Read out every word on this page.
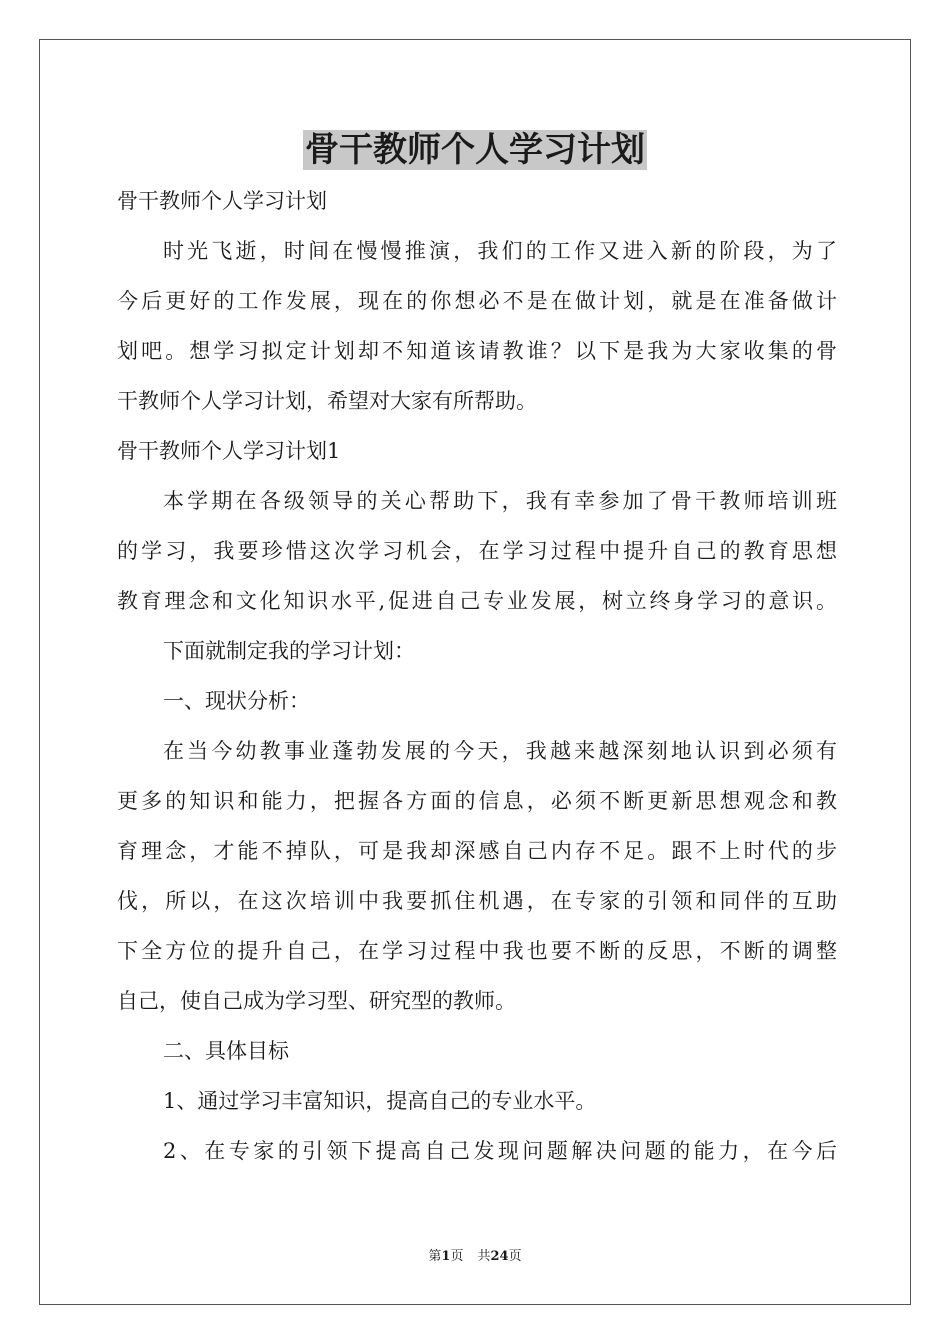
骨干教师个人学习计划

骨干教师个人学习计划

时光飞逝，时间在慢慢推演，我们的工作又进入新的阶段，为了

今后更好的工作发展，现在的你想必不是在做计划，就是在准备做计

划吧。想学习拟定计划却不知道该请教谁？以下是我为大家收集的骨

干教师个人学习计划，希望对大家有所帮助。

骨干教师个人学习计划1

本学期在各级领导的关心帮助下，我有幸参加了骨干教师培训班

的学习，我要珍惜这次学习机会，在学习过程中提升自己的教育思想

教育理念和文化知识水平,促进自己专业发展，树立终身学习的意识。

下面就制定我的学习计划：

一、现状分析：

在当今幼教事业蓬勃发展的今天，我越来越深刻地认识到必须有

更多的知识和能力，把握各方面的信息，必须不断更新思想观念和教

育理念，才能不掉队，可是我却深感自己内存不足。跟不上时代的步

伐，所以，在这次培训中我要抓住机遇，在专家的引领和同伴的互助

下全方位的提升自己，在学习过程中我也要不断的反思，不断的调整

自己，使自己成为学习型、研究型的教师。

二、具体目标

1、通过学习丰富知识，提高自己的专业水平。

2、在专家的引领下提高自己发现问题解决问题的能力，在今后

第1页 共24页
